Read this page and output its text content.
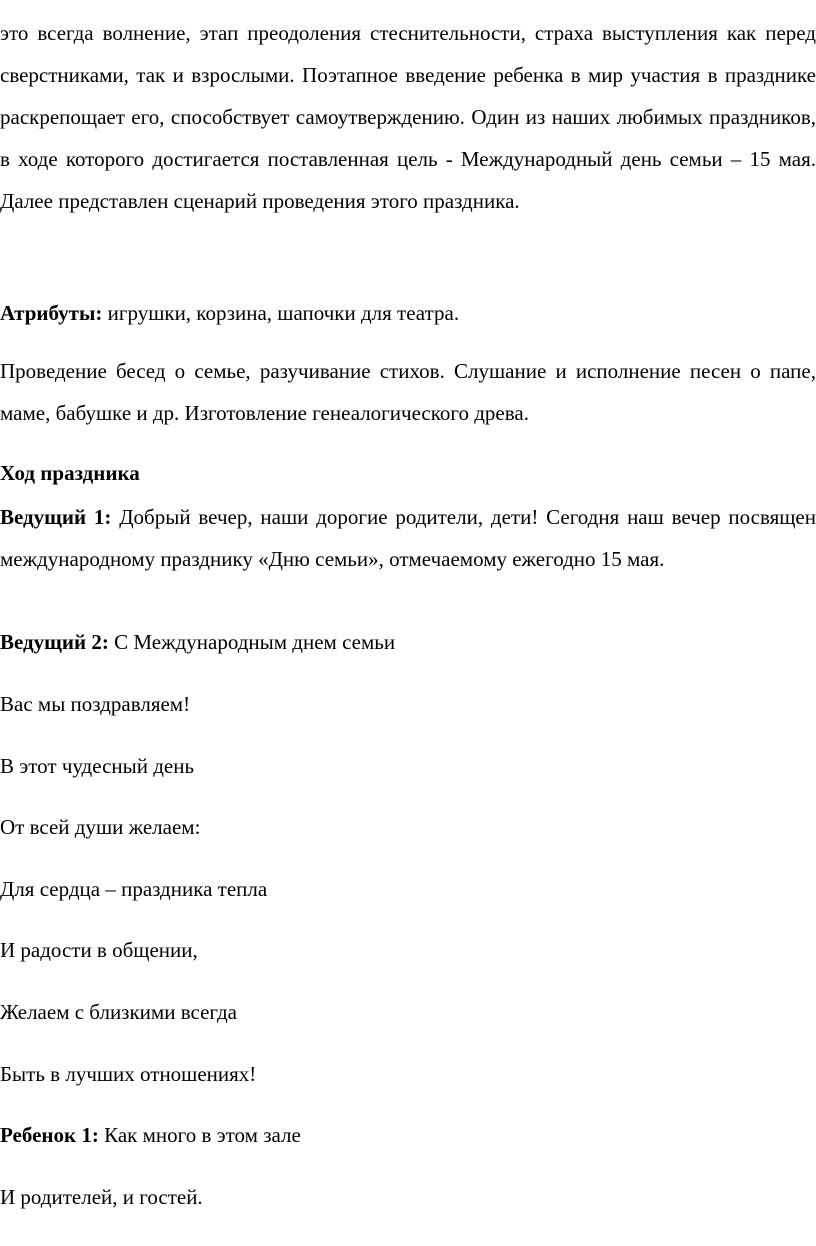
это всегда волнение, этап преодоления стеснительности, страха выступления как перед сверстниками, так и взрослыми. Поэтапное введение ребенка в мир участия в празднике раскрепощает его, способствует самоутверждению. Один из наших любимых праздников, в ходе которого достигается поставленная цель - Международный день семьи – 15 мая. Далее представлен сценарий проведения этого праздника.

Атрибуты: игрушки, корзина, шапочки для театра.

Проведение бесед о семье, разучивание стихов. Слушание и исполнение песен о папе, маме, бабушке и др. Изготовление генеалогического древа.

Ход праздника

Ведущий 1: Добрый вечер, наши дорогие родители, дети! Сегодня наш вечер посвящен международному празднику «Дню семьи», отмечаемому ежегодно 15 мая.

Ведущий 2: С Международным днем семьи

Вас мы поздравляем!

В этот чудесный день

От всей души желаем:

Для сердца – праздника тепла

И радости в общении,

Желаем с близкими всегда

Быть в лучших отношениях!

Ребенок 1: Как много в этом зале

И родителей, и гостей.
